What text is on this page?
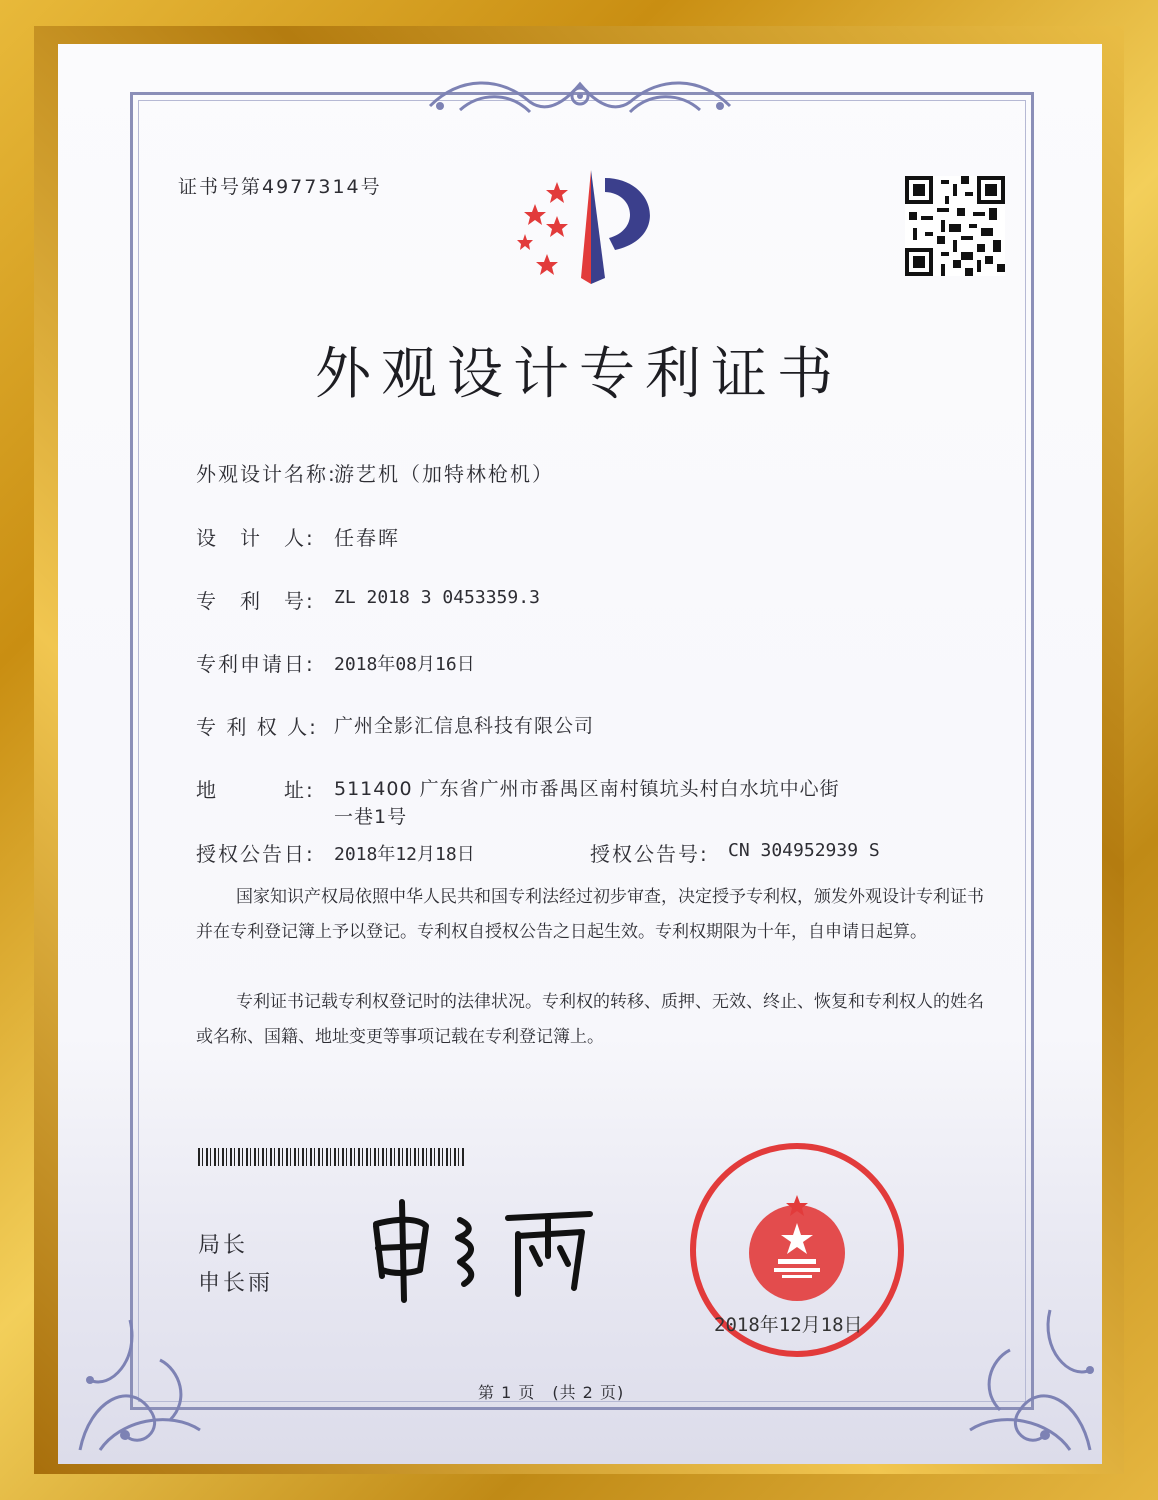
证书号第4977314号
外观设计专利证书
外观设计名称:
游艺机（加特林枪机）
设　计　人: 任春晖
专　利　号: ZL 2018 3 0453359.3
专利申请日: 2018年08月16日
专 利 权 人: 广州全影汇信息科技有限公司
地　　　址: 511400 广东省广州市番禺区南村镇坑头村白水坑中心街
一巷1号
授权公告日: 2018年12月18日	授权公告号: CN 304952939 S
国家知识产权局依照中华人民共和国专利法经过初步审查，决定授予专利权，颁发外观设计专利证书并在专利登记簿上予以登记。专利权自授权公告之日起生效。专利权期限为十年，自申请日起算。
专利证书记载专利权登记时的法律状况。专利权的转移、质押、无效、终止、恢复和专利权人的姓名或名称、国籍、地址变更等事项记载在专利登记簿上。
局长
申长雨
2018年12月18日
第 1 页　(共 2 页)
